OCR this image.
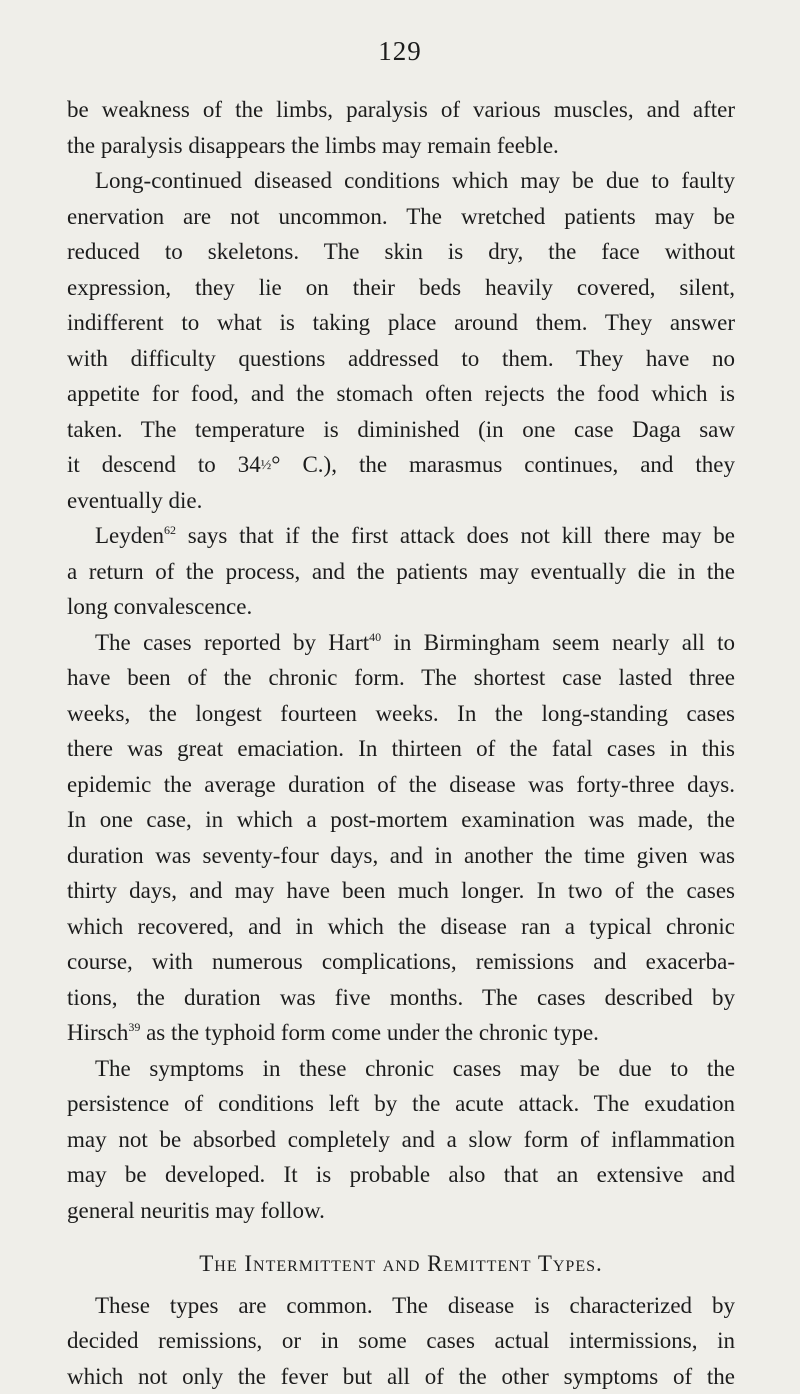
129
be weakness of the limbs, paralysis of various muscles, and after
the paralysis disappears the limbs may remain feeble.
Long-continued diseased conditions which may be due to faulty
enervation are not uncommon. The wretched patients may be
reduced to skeletons. The skin is dry, the face without
expression, they lie on their beds heavily covered, silent,
indifferent to what is taking place around them. They answer
with difficulty questions addressed to them. They have no
appetite for food, and the stomach often rejects the food which is
taken. The temperature is diminished (in one case Daga saw
it descend to 34½° C.), the marasmus continues, and they
eventually die.
Leyden$^{62}$ says that if the first attack does not kill there may be
a return of the process, and the patients may eventually die in the
long convalescence.
The cases reported by Hart$^{40}$ in Birmingham seem nearly all to
have been of the chronic form. The shortest case lasted three
weeks, the longest fourteen weeks. In the long-standing cases
there was great emaciation. In thirteen of the fatal cases in this
epidemic the average duration of the disease was forty-three days.
In one case, in which a post-mortem examination was made, the
duration was seventy-four days, and in another the time given was
thirty days, and may have been much longer. In two of the cases
which recovered, and in which the disease ran a typical chronic
course, with numerous complications, remissions and exacerba-
tions, the duration was five months. The cases described by
Hirsch$^{39}$ as the typhoid form come under the chronic type.
The symptoms in these chronic cases may be due to the
persistence of conditions left by the acute attack. The exudation
may not be absorbed completely and a slow form of inflammation
may be developed. It is probable also that an extensive and
general neuritis may follow.
The Intermittent and Remittent Types.
These types are common. The disease is characterized by
decided remissions, or in some cases actual intermissions, in
which not only the fever but all of the other symptoms of the
